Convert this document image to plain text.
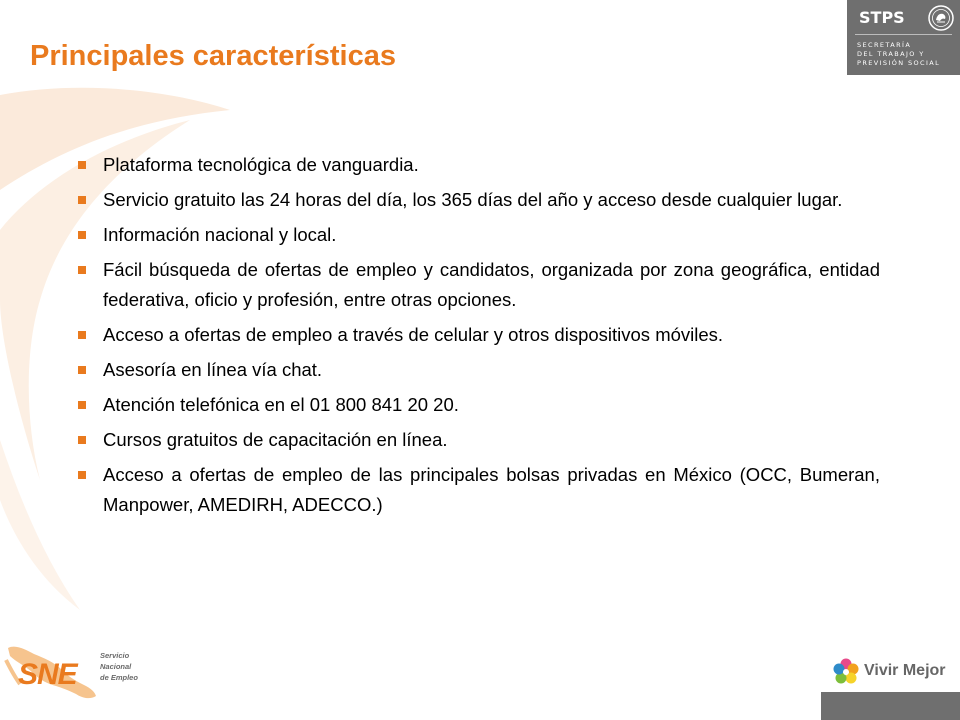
Principales características
STPS
SECRETARÍA
DEL TRABAJO Y
PREVISIÓN SOCIAL
Plataforma tecnológica de vanguardia.
Servicio gratuito las 24 horas del día, los 365 días del año y acceso desde cualquier lugar.
Información nacional y local.
Fácil búsqueda de ofertas de empleo y candidatos, organizada por zona geográfica, entidad federativa, oficio y profesión, entre otras opciones.
Acceso a ofertas de empleo a través de celular y otros dispositivos móviles.
Asesoría en línea vía chat.
Atención telefónica en el 01 800 841 20 20.
Cursos gratuitos de capacitación en línea.
Acceso a ofertas de empleo de las principales bolsas privadas en México (OCC, Bumeran, Manpower, AMEDIRH, ADECCO.)
SNE
Servicio
Nacional
de Empleo	Vivir Mejor
